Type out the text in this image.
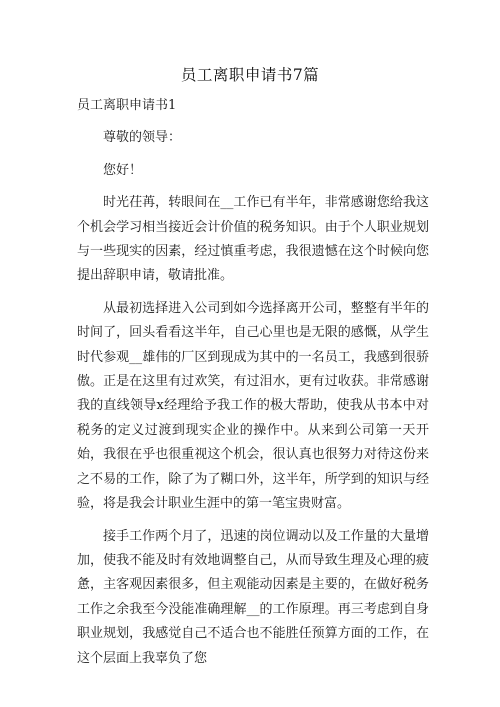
员工离职申请书7篇

员工离职申请书1

尊敬的领导：

您好！

时光茌苒，转眼间在__工作已有半年，非常感谢您给我这个机会学习相当接近会计价值的税务知识。由于个人职业规划与一些现实的因素，经过慎重考虑，我很遗憾在这个时候向您提出辞职申请，敬请批准。

从最初选择进入公司到如今选择离开公司，整整有半年的时间了，回头看看这半年，自己心里也是无限的感慨，从学生时代参观__雄伟的厂区到现成为其中的一名员工，我感到很骄傲。正是在这里有过欢笑，有过泪水，更有过收获。非常感谢我的直线领导x经理给予我工作的极大帮助，使我从书本中对税务的定义过渡到现实企业的操作中。从来到公司第一天开始，我很在乎也很重视这个机会，很认真也很努力对待这份来之不易的工作，除了为了糊口外，这半年，所学到的知识与经验，将是我会计职业生涯中的第一笔宝贵财富。

接手工作两个月了，迅速的岗位调动以及工作量的大量增加，使我不能及时有效地调整自己，从而导致生理及心理的疲惫，主客观因素很多，但主观能动因素是主要的，在做好税务工作之余我至今没能准确理解__的工作原理。再三考虑到自身职业规划，我感觉自己不适合也不能胜任预算方面的工作，在这个层面上我辜负了您
